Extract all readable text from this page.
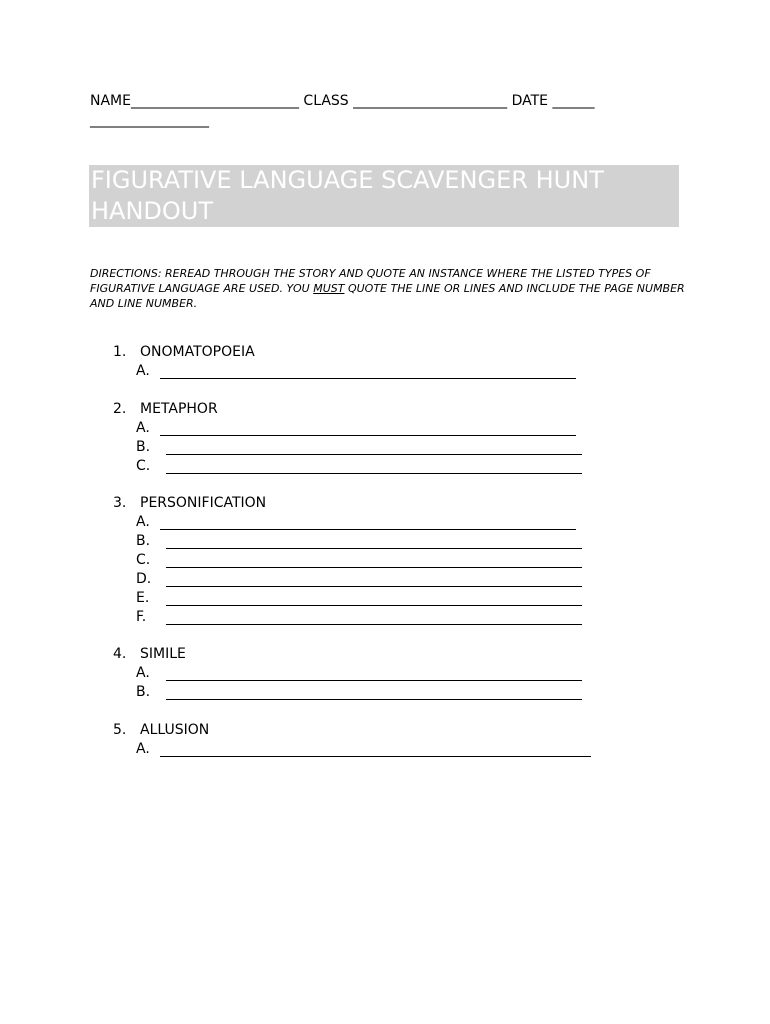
NAME________________________ CLASS ______________________ DATE ______
_________________
FIGURATIVE LANGUAGE SCAVENGER HUNT HANDOUT
DIRECTIONS: REREAD THROUGH THE STORY AND QUOTE AN INSTANCE WHERE THE LISTED TYPES OF FIGURATIVE LANGUAGE ARE USED. YOU MUST QUOTE THE LINE OR LINES AND INCLUDE THE PAGE NUMBER AND LINE NUMBER.
1. ONOMATOPOEIA
A.
2. METAPHOR
A.
B.
C.
3. PERSONIFICATION
A.
B.
C.
D.
E.
F.
4. SIMILE
A.
B.
5. ALLUSION
A.
